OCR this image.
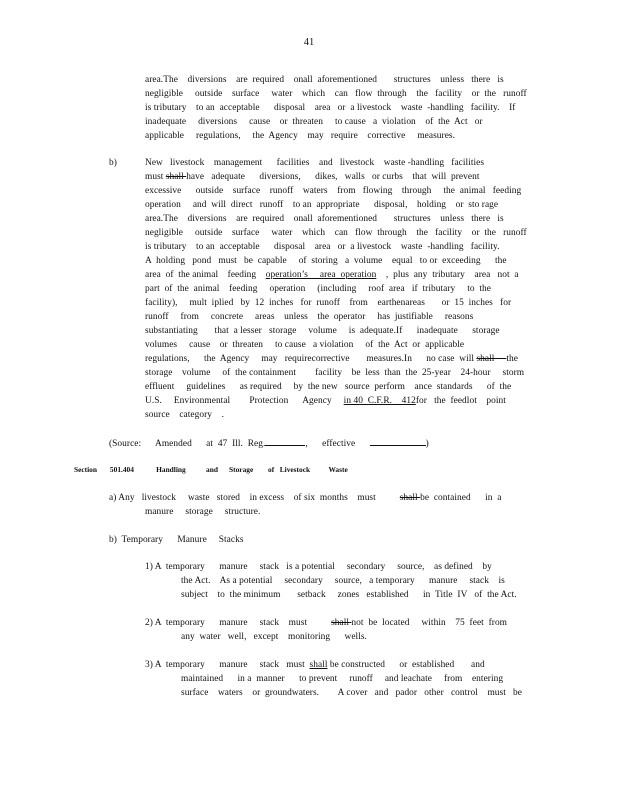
41
area.The    diversions    are  required    onall  aforementioned       structures    unless   there   is
negligible     outside    surface     water    which    can   flow  through    the   facility    or  the   runoff
is tributary    to an  acceptable      disposal    area   or  a livestock    waste  -handling   facility.    If
inadequate     diversions     cause    or  threaten     to cause   a  violation    of  the  Act   or
applicable     regulations,     the  Agency    may   require    corrective     measures.
b)	New   livestock    management      facilities    and   livestock    waste -handling   facilities
must shall have   adequate      diversions,      dikes,   walls   or curbs    that  will  prevent
excessive      outside    surface    runoff    waters    from   flowing    through     the  animal   feeding
operation     and  will  direct   runoff    to an  appropriate      disposal,    holding    or  sto rage
area.The    diversions    are  required    onall  aforementioned       structures    unless   there   is
negligible     outside    surface     water    which    can   flow  through    the   facility    or  the   runoff
is tributary    to an  acceptable      disposal    area   or  a livestock    waste  -handling   facility.
A  holding   pond   must   be  capable     of  storing   a  volume    equal   to or  exceeding      the
area  of  the animal    feeding    operation’s     area  operation    ,  plus  any  tributary    area   not  a
part  of  the  animal    feeding     operation     (including     roof  area   if  tributary     to  the
facility),     mult  iplied   by  12  inches   for  runoff    from    earthenareas       or  15  inches   for
runoff     from     concrete     areas    unless    the  operator     has  justifiable     reasons
substantiating       that  a lesser   storage     volume     is  adequate.If      inadequate      storage
volumes     cause    or  threaten     to cause   a violation     of  the  Act  or  applicable
regulations,      the  Agency     may   requirecorrective       measures.In      no case  will shall     the
storage    volume     of  the containment        facility    be  less  than  the  25-year    24-hour     storm
effluent     guidelines      as required     by  the new   source  perform    ance  standards      of  the
U.S.     Environmental        Protection      Agency     in 40  C.F.R.    412for   the  feedlot    point
source    category    .
(Source:      Amended      at  47  Ill.  Reg.	,      effective	)
Section       501.404	Handling           and      Storage        of   Livestock          Waste
a) Any   livestock     waste   stored    in excess    of six  months    must          shall be  contained      in  a
manure     storage     structure.
b)  Temporary      Manure     Stacks
1) A  temporary      manure     stack   is a potential     secondary     source,    as defined    by
the Act.    As a potential     secondary     source,   a temporary      manure     stack    is
subject    to  the minimum       setback     zones   established      in  Title  IV   of  the Act.
2) A  temporary      manure     stack    must          shall not  be  located     within    75  feet  from
any  water   well,   except    monitoring      wells.
3) A  temporary      manure     stack   must  shall be constructed      or  established       and
maintained      in a  manner      to prevent     runoff     and leachate     from    entering
surface    waters    or  groundwaters.        A cover   and   pador   other   control    must   be
